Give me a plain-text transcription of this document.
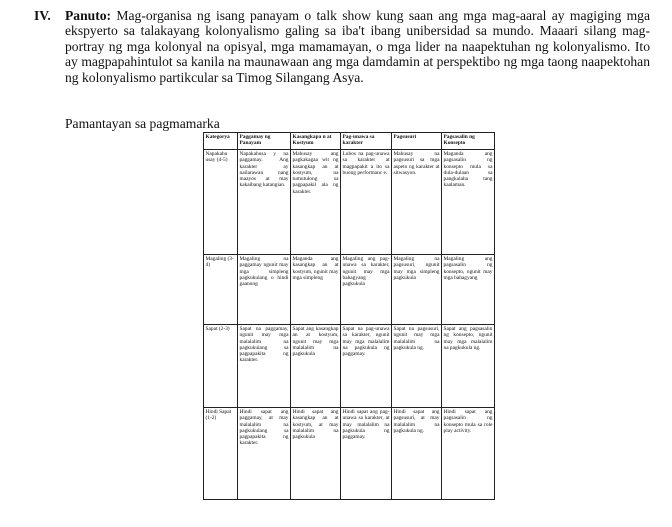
IV.	Panuto: Mag-organisa ng isang panayam o talk show kung saan ang mga mag-aaral ay magiging mga ekspyerto sa talakayang kolonyalismo galing sa iba't ibang unibersidad sa mundo. Maaari silang mag-portray ng mga kolonyal na opisyal, mga mamamayan, o mga lider na naapektuhan ng kolonyalismo. Ito ay magpapahintulot sa kanila na maunawaan ang mga damdamin at perspektibo ng mga taong naapektohan ng kolonyalismo partikcular sa Timog Silangang Asya.

Pamantayan sa pagmamarka
Kategorya	Paggamay ng Panayam	Kasangkapa n at Kostyum	Pag-unawa sa karakter	Pagsusuri	Pagsasalin ng Konsepto
Napakahu usay (4-5)	Napakahusa y na paggamay. Ang karakter ay nailarawan nang maayos at may kakaibang katangian.	Mahusay ang pagkakagaa wit ng kasangkap an at kostyum, na tumutulong sa pagpapakil ala ng karakter.	Lubos na pag-unawa sa karakter at magpapakit a ito sa buong performanc e.	Mahusay na pagsusuri sa mga aspeto ng karakter at sitwasyon.	Maganda ang pagsasalin ng konsepto mula sa dula-dulaan sa pangkalaha tang kaalaman.
Magaling (3-4)	Magaling na paggamay ngunit may mga simpleng pagkukulang o hindi gaanong	Maganda ang kasangkap an at kostyum, ngunit may mga simpleng	Magaling ang pag-unawa sa karakter, ngunit may mga bahagyang pagkukula	Magaling na pagsusuri, ngunit may mga simpleng pagkukula	Magaling ang pagsasalin ng konsepto, ngunit may mga bahagyang
Sapat (2-3)	Sapat na paggamay, ngunit may mga malalalim na pagkukulang sa pagpapakita ng karakter.	Sapat ang kasangkap an at kostyum, ngunit may mga malalalim na pagkukula	Sapat na pag-unawa sa karakter, ngunit may mga malalalim na pagkukula ng paggamay.	Sapat na pagsusuri, ngunit may mga malalalim na pagkukula ng.	Sapat ang pagsasalin ng konsepto, ngunit may mga malalalim na pagkukula ng.
Hindi Sapat (1-2)	Hindi sapat ang paggamay, at may malalalim na pagkukulang sa pagpapakita ng karakter.	Hindi sapat ang kasangkap an at kostyum, at may malalalim na pagkukula	Hindi sapat ang pag-unawa sa karakter, at may malalalim na pagkukula ng paggamay.	Hindi sapat ang pagsusuri, at may malalalim na pagkukula ng.	Hindi sapat ang pagsasalin ng konsepto mula sa role play activity.
